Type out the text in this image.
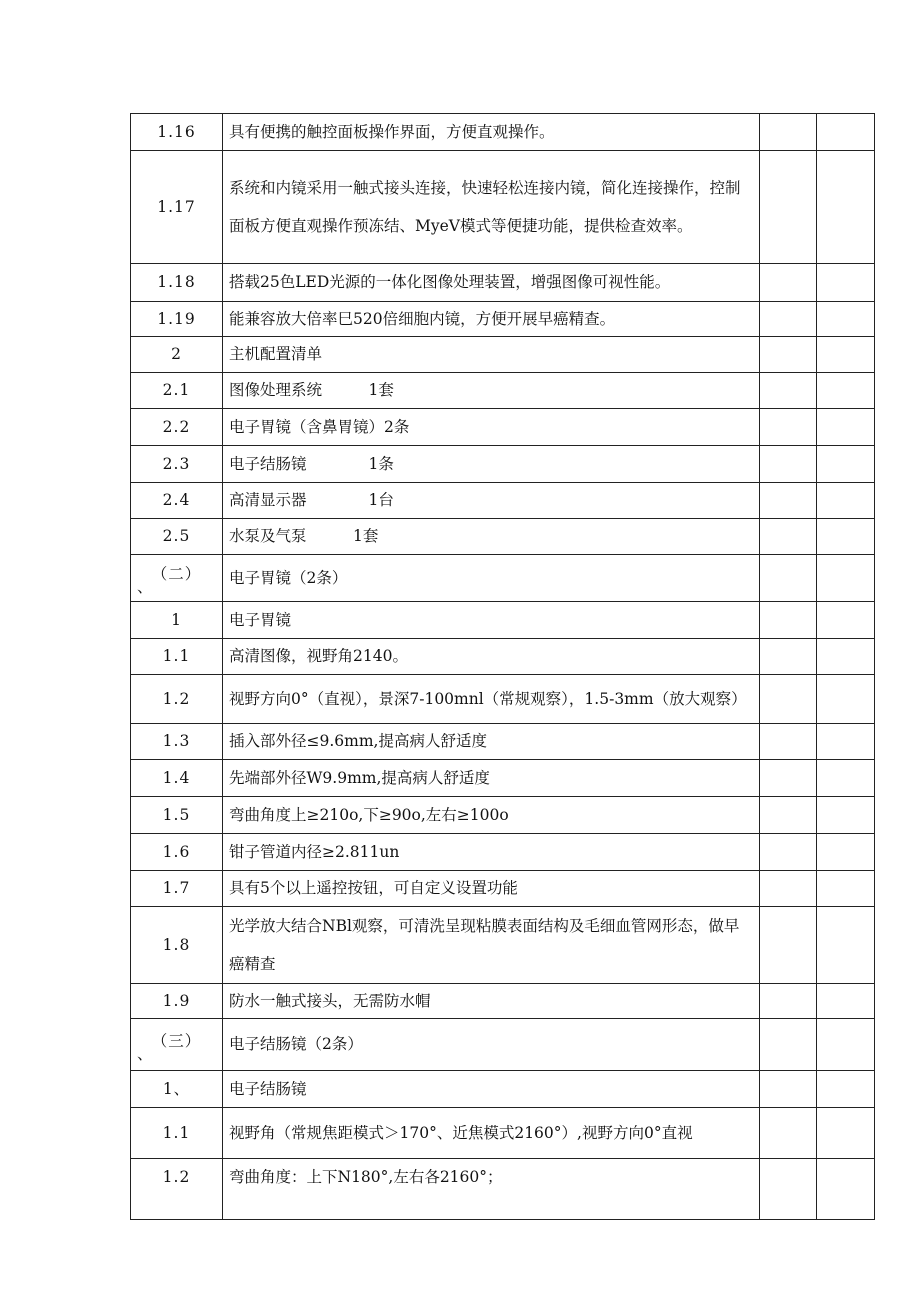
1.16	具有便携的触控面板操作界面，方便直观操作。		
1.17	系统和内镜采用一触式接头连接，快速轻松连接内镜，简化连接操作，控制面板方便直观操作预冻结、MyeV模式等便捷功能，提供检查效率。		
1.18	搭载25色LED光源的一体化图像处理装置，增强图像可视性能。		
1.19	能兼容放大倍率巳520倍细胞内镜，方便开展早癌精查。		
2	主机配置清单		
2.1	图像处理系统　　　1套		
2.2	电子胃镜（含鼻胃镜）2条		
2.3	电子结肠镜　　　　1条		
2.4	高清显示器　　　　1台		
2.5	水泵及气泵　　　1套		

（二）
、	电子胃镜（2条）		
1	电子胃镜		
1.1	高清图像，视野角2140。		
1.2	视野方向0°（直视），景深7-100mnl（常规观察），1.5-3mm（放大观察）		
1.3	插入部外径≤9.6mm,提高病人舒适度		
1.4	先端部外径W9.9mm,提高病人舒适度		
1.5	弯曲角度上≥210o,下≥90o,左右≥100o		
1.6	钳子管道内径≥2.811un		
1.7	具有5个以上遥控按钮，可自定义设置功能		
1.8	光学放大结合NBl观察，可清洗呈现粘膜表面结构及毛细血管网形态，做早癌精查		
1.9	防水一触式接头，无需防水帽		

（三）
、	电子结肠镜（2条）		
1、	电子结肠镜		
1.1	视野角（常规焦距模式＞170°、近焦模式2160°）,视野方向0°直视		
1.2	弯曲角度：上下N180°,左右各2160°；		
